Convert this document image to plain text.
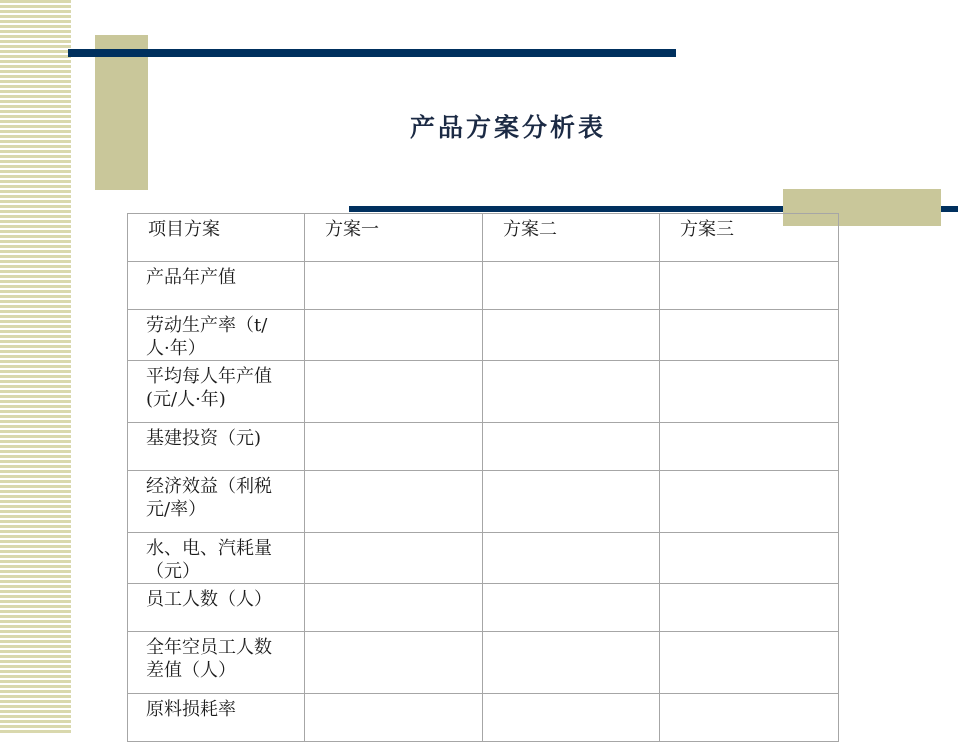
产品方案分析表
项目方案	方案一	方案二	方案三

产品年产值			

劳动生产率（t/人·年）			

平均每人年产值(元/人·年)			

基建投资（元)			

经济效益（利税元/率）			

水、电、汽耗量（元）			

员工人数（人）			

全年空员工人数差值（人）			

原料损耗率			
